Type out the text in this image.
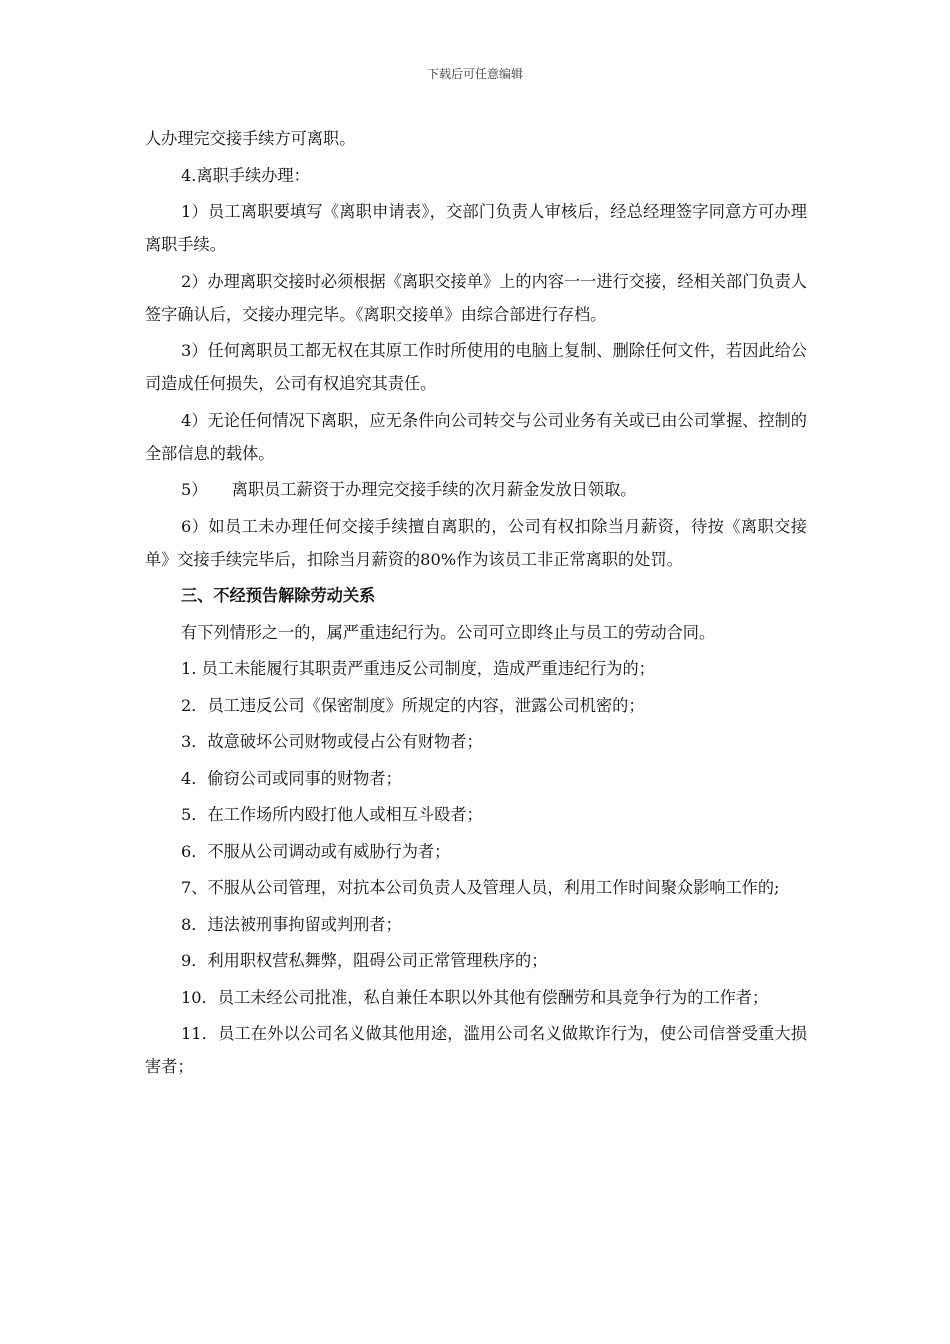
下载后可任意编辑

人办理完交接手续方可离职。

4.离职手续办理：

1）员工离职要填写《离职申请表》，交部门负责人审核后，经总经理签字同意方可办理离职手续。

2）办理离职交接时必须根据《离职交接单》上的内容一一进行交接，经相关部门负责人签字确认后，交接办理完毕。《离职交接单》由综合部进行存档。

3）任何离职员工都无权在其原工作时所使用的电脑上复制、删除任何文件，若因此给公司造成任何损失，公司有权追究其责任。

4）无论任何情况下离职，应无条件向公司转交与公司业务有关或已由公司掌握、控制的全部信息的载体。

5）　　离职员工薪资于办理完交接手续的次月薪金发放日领取。

6）如员工未办理任何交接手续擅自离职的，公司有权扣除当月薪资，待按《离职交接单》交接手续完毕后，扣除当月薪资的80%作为该员工非正常离职的处罚。

三、不经预告解除劳动关系

有下列情形之一的，属严重违纪行为。公司可立即终止与员工的劳动合同。

1. 员工未能履行其职责严重违反公司制度，造成严重违纪行为的；

2．员工违反公司《保密制度》所规定的内容，泄露公司机密的；

3．故意破坏公司财物或侵占公有财物者；

4．偷窃公司或同事的财物者；

5．在工作场所内殴打他人或相互斗殴者；

6．不服从公司调动或有威胁行为者；

7、不服从公司管理，对抗本公司负责人及管理人员，利用工作时间聚众影响工作的;

8．违法被刑事拘留或判刑者；

9．利用职权营私舞弊，阻碍公司正常管理秩序的；

10．员工未经公司批准，私自兼任本职以外其他有偿酬劳和具竞争行为的工作者；

11．员工在外以公司名义做其他用途，滥用公司名义做欺诈行为，使公司信誉受重大损害者；
